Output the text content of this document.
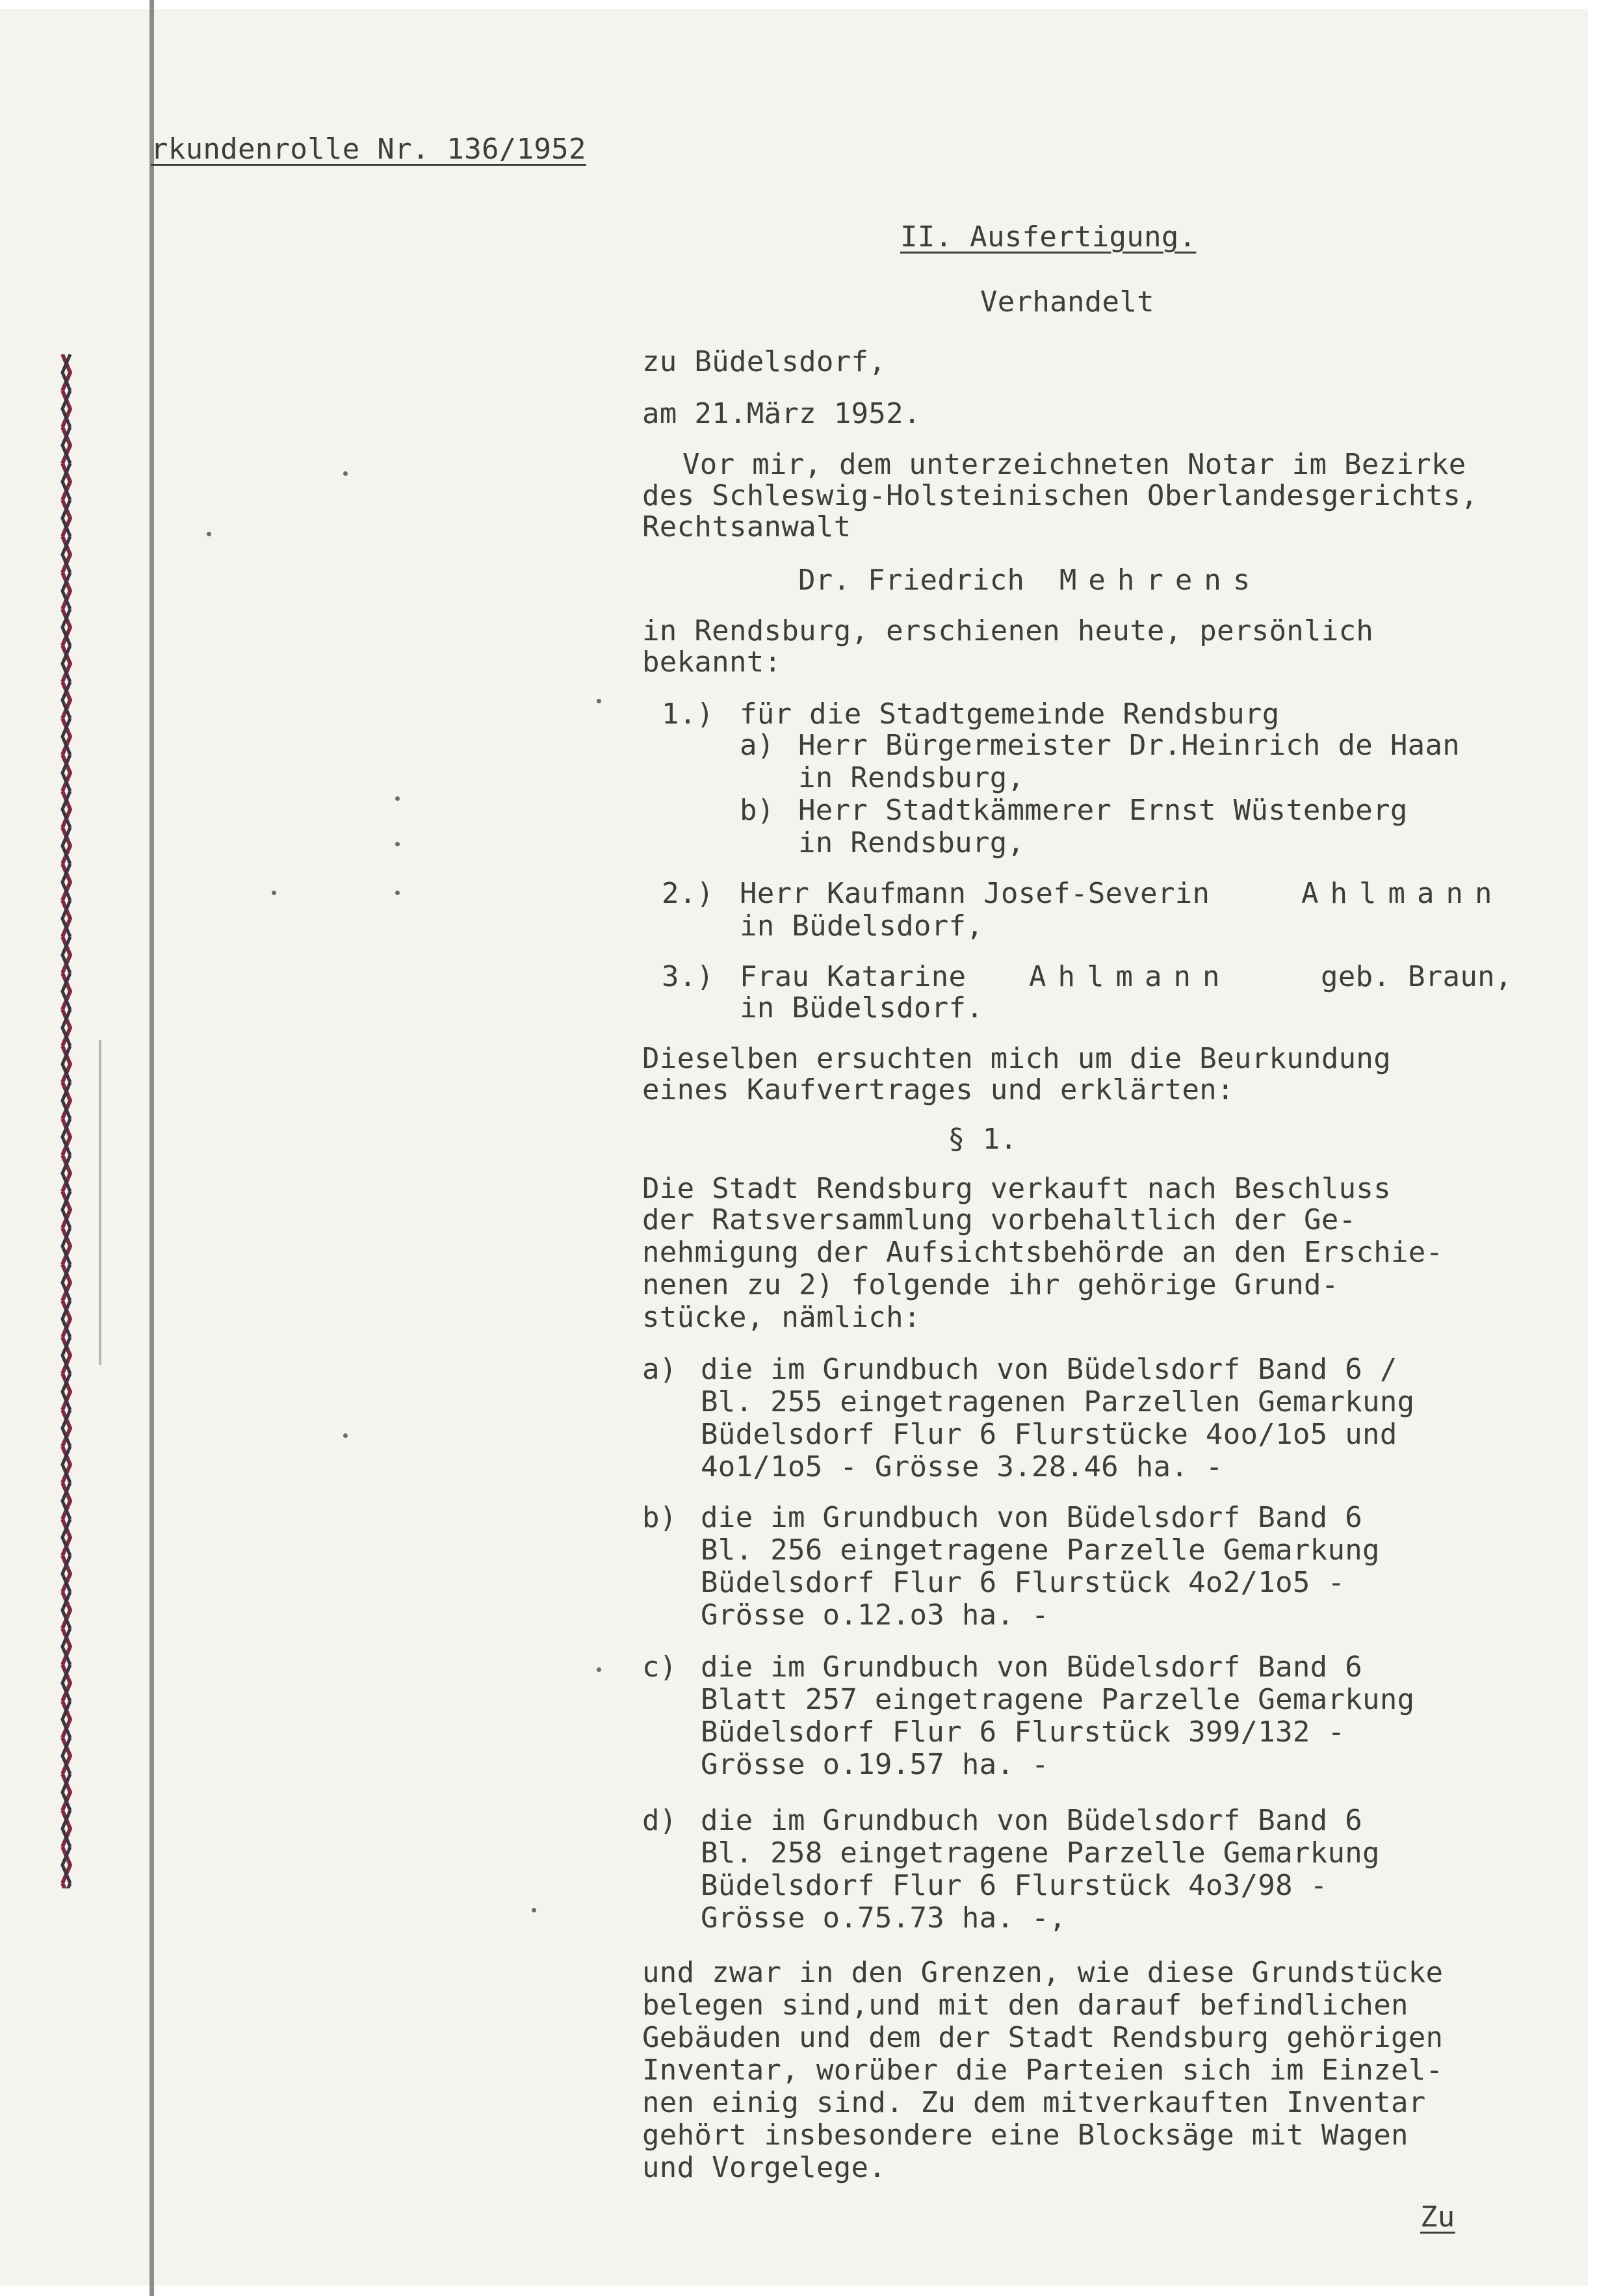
rkundenrolle Nr. 136/1952
II. Ausfertigung.
Verhandelt
zu Büdelsdorf,
am 21.März 1952.
Vor mir, dem unterzeichneten Notar im Bezirke
des Schleswig-Holsteinischen Oberlandesgerichts,
Rechtsanwalt
Dr. Friedrich Mehrens
in Rendsburg, erschienen heute, persönlich
bekannt:
1.) für die Stadtgemeinde Rendsburg
a) Herr Bürgermeister Dr.Heinrich de Haan
in Rendsburg,
b) Herr Stadtkämmerer Ernst Wüstenberg
in Rendsburg,
2.) Herr Kaufmann Josef-Severin	Ahlmann
in Büdelsdorf,
3.) Frau Katarine Ahlmann	geb. Braun,
in Büdelsdorf.
Dieselben ersuchten mich um die Beurkundung
eines Kaufvertrages und erklärten:
§ 1.
Die Stadt Rendsburg verkauft nach Beschluss
der Ratsversammlung vorbehaltlich der Ge-
nehmigung der Aufsichtsbehörde an den Erschie-
nenen zu 2) folgende ihr gehörige Grund-
stücke, nämlich:
a) die im Grundbuch von Büdelsdorf Band 6 /
Bl. 255 eingetragenen Parzellen Gemarkung
Büdelsdorf Flur 6 Flurstücke 4oo/1o5 und
4o1/1o5 - Grösse 3.28.46 ha. -
b) die im Grundbuch von Büdelsdorf Band 6
Bl. 256 eingetragene Parzelle Gemarkung
Büdelsdorf Flur 6 Flurstück 4o2/1o5 -
Grösse o.12.o3 ha. -
c) die im Grundbuch von Büdelsdorf Band 6
Blatt 257 eingetragene Parzelle Gemarkung
Büdelsdorf Flur 6 Flurstück 399/132 -
Grösse o.19.57 ha. -
d) die im Grundbuch von Büdelsdorf Band 6
Bl. 258 eingetragene Parzelle Gemarkung
Büdelsdorf Flur 6 Flurstück 4o3/98 -
Grösse o.75.73 ha. -,
und zwar in den Grenzen, wie diese Grundstücke
belegen sind,und mit den darauf befindlichen
Gebäuden und dem der Stadt Rendsburg gehörigen
Inventar, worüber die Parteien sich im Einzel-
nen einig sind. Zu dem mitverkauften Inventar
gehört insbesondere eine Blocksäge mit Wagen
und Vorgelege.
Zu
